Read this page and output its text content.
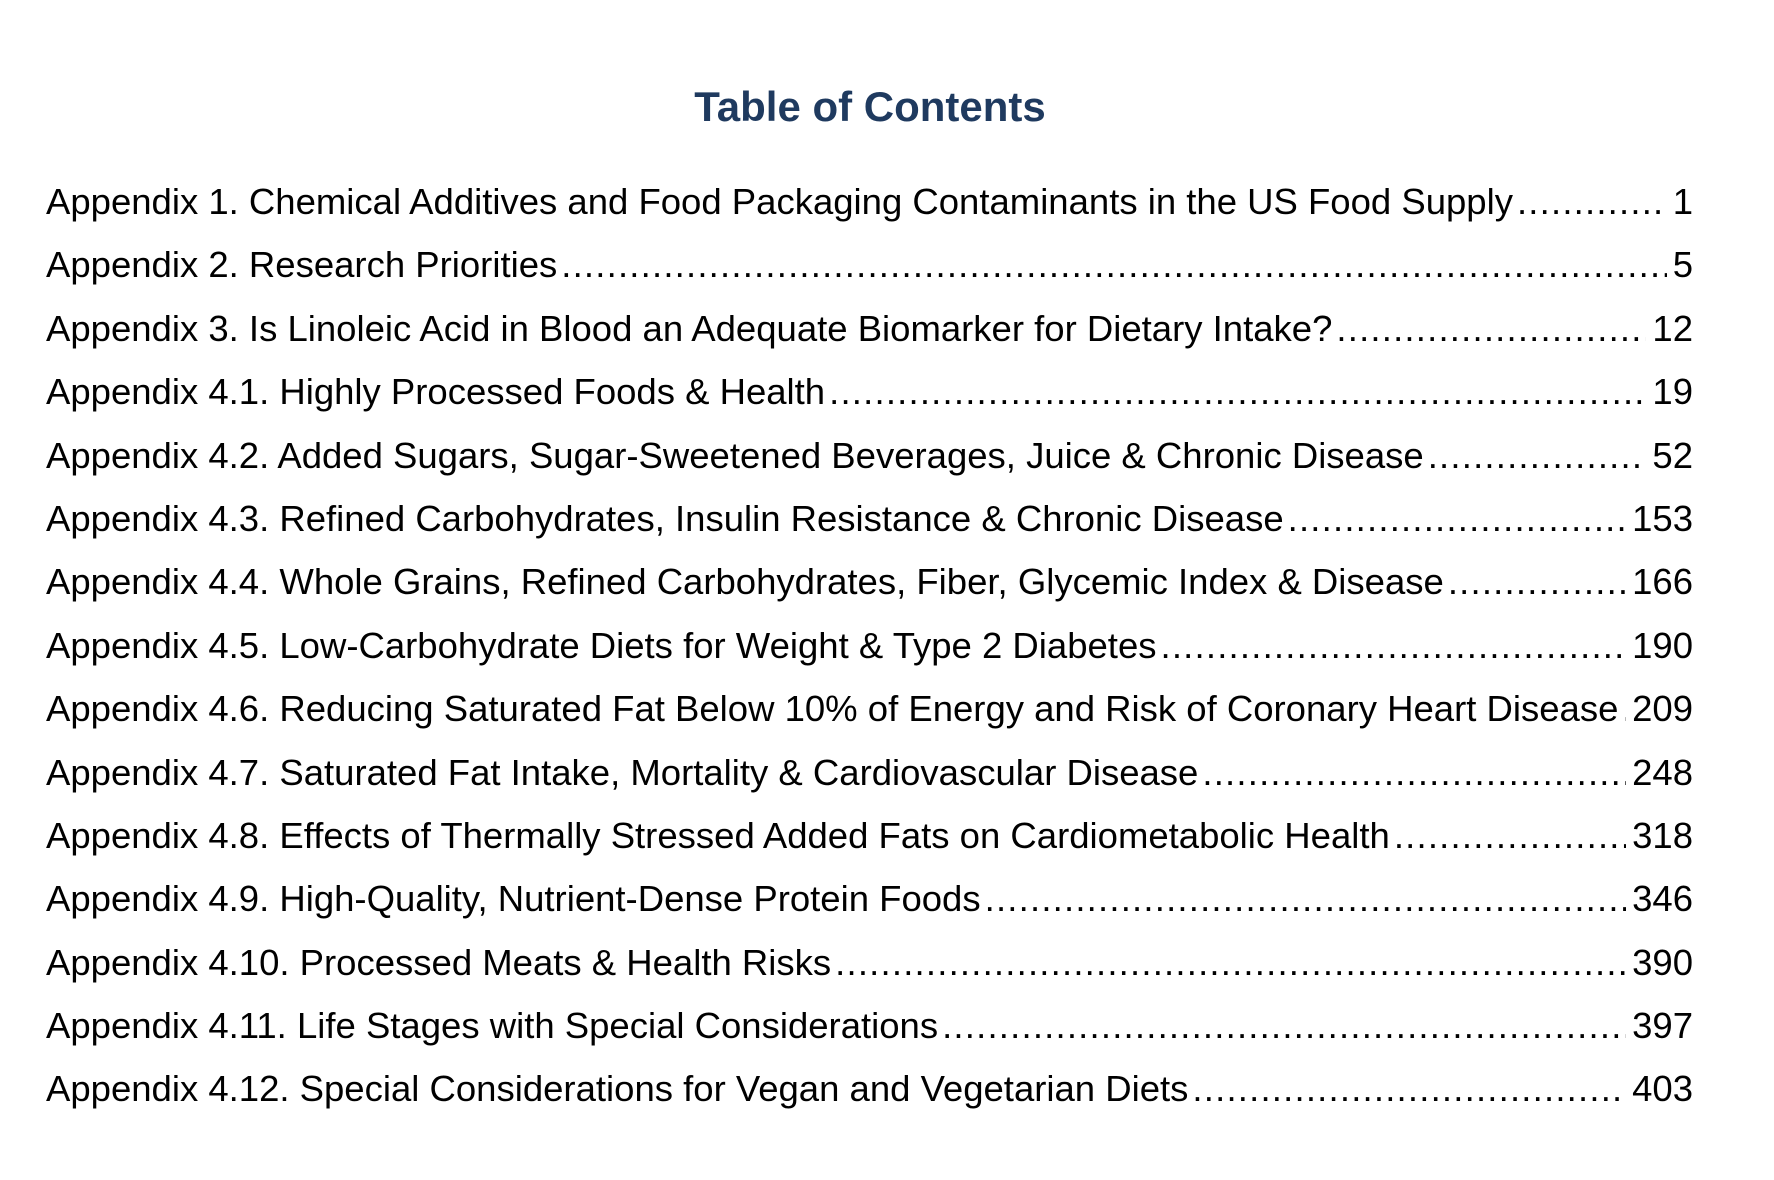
Table of Contents
Appendix 1. Chemical Additives and Food Packaging Contaminants in the US Food Supply .....	1
Appendix 2. Research Priorities .....	5
Appendix 3. Is Linoleic Acid in Blood an Adequate Biomarker for Dietary Intake? .....	12
Appendix 4.1. Highly Processed Foods & Health .....	19
Appendix 4.2. Added Sugars, Sugar-Sweetened Beverages, Juice & Chronic Disease .....	52
Appendix 4.3. Refined Carbohydrates, Insulin Resistance & Chronic Disease .....	153
Appendix 4.4. Whole Grains, Refined Carbohydrates, Fiber, Glycemic Index & Disease .....	166
Appendix 4.5. Low-Carbohydrate Diets for Weight & Type 2 Diabetes .....	190
Appendix 4.6. Reducing Saturated Fat Below 10% of Energy and Risk of Coronary Heart Disease ..... 209
Appendix 4.7. Saturated Fat Intake, Mortality & Cardiovascular Disease .....	248
Appendix 4.8. Effects of Thermally Stressed Added Fats on Cardiometabolic Health .....	318
Appendix 4.9. High-Quality, Nutrient-Dense Protein Foods .....	346
Appendix 4.10. Processed Meats & Health Risks .....	390
Appendix 4.11. Life Stages with Special Considerations .....	397
Appendix 4.12. Special Considerations for Vegan and Vegetarian Diets .....	403
